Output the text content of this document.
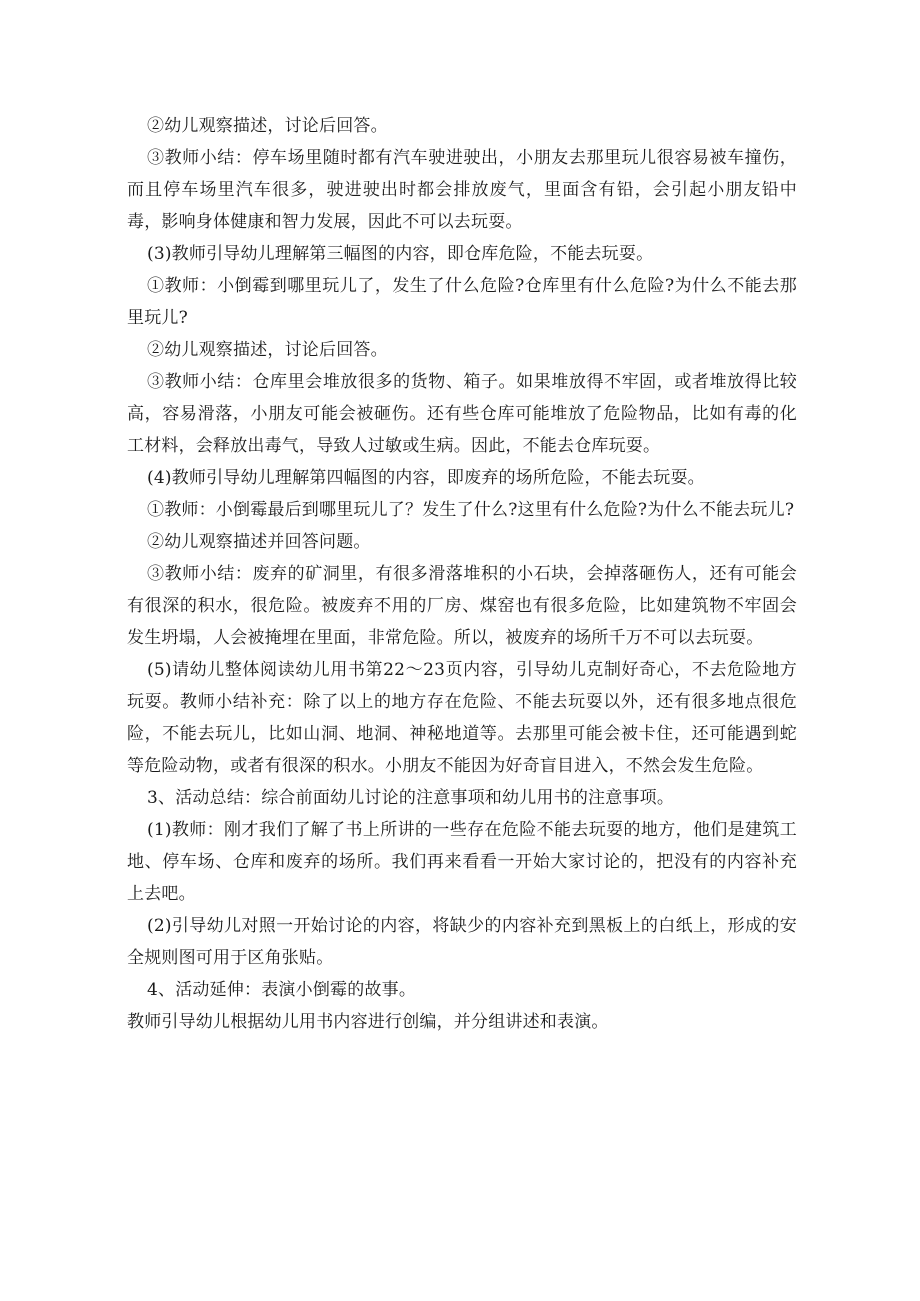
②幼儿观察描述，讨论后回答。

③教师小结：停车场里随时都有汽车驶进驶出，小朋友去那里玩儿很容易被车撞伤，而且停车场里汽车很多，驶进驶出时都会排放废气，里面含有铅，会引起小朋友铅中毒，影响身体健康和智力发展，因此不可以去玩耍。

(3)教师引导幼儿理解第三幅图的内容，即仓库危险，不能去玩耍。

①教师：小倒霉到哪里玩儿了，发生了什么危险?仓库里有什么危险?为什么不能去那里玩儿?

②幼儿观察描述，讨论后回答。

③教师小结：仓库里会堆放很多的货物、箱子。如果堆放得不牢固，或者堆放得比较高，容易滑落，小朋友可能会被砸伤。还有些仓库可能堆放了危险物品，比如有毒的化工材料，会释放出毒气，导致人过敏或生病。因此，不能去仓库玩耍。

(4)教师引导幼儿理解第四幅图的内容，即废弃的场所危险，不能去玩耍。

①教师：小倒霉最后到哪里玩儿了？发生了什么?这里有什么危险?为什么不能去玩儿?

②幼儿观察描述并回答问题。

③教师小结：废弃的矿洞里，有很多滑落堆积的小石块，会掉落砸伤人，还有可能会有很深的积水，很危险。被废弃不用的厂房、煤窑也有很多危险，比如建筑物不牢固会发生坍塌，人会被掩埋在里面，非常危险。所以，被废弃的场所千万不可以去玩耍。

(5)请幼儿整体阅读幼儿用书第22～23页内容，引导幼儿克制好奇心，不去危险地方玩耍。教师小结补充：除了以上的地方存在危险、不能去玩耍以外，还有很多地点很危险，不能去玩儿，比如山洞、地洞、神秘地道等。去那里可能会被卡住，还可能遇到蛇等危险动物，或者有很深的积水。小朋友不能因为好奇盲目进入，不然会发生危险。

3、活动总结：综合前面幼儿讨论的注意事项和幼儿用书的注意事项。

(1)教师：刚才我们了解了书上所讲的一些存在危险不能去玩耍的地方，他们是建筑工地、停车场、仓库和废弃的场所。我们再来看看一开始大家讨论的，把没有的内容补充上去吧。

(2)引导幼儿对照一开始讨论的内容，将缺少的内容补充到黑板上的白纸上，形成的安全规则图可用于区角张贴。

4、活动延伸：表演小倒霉的故事。

教师引导幼儿根据幼儿用书内容进行创编，并分组讲述和表演。
